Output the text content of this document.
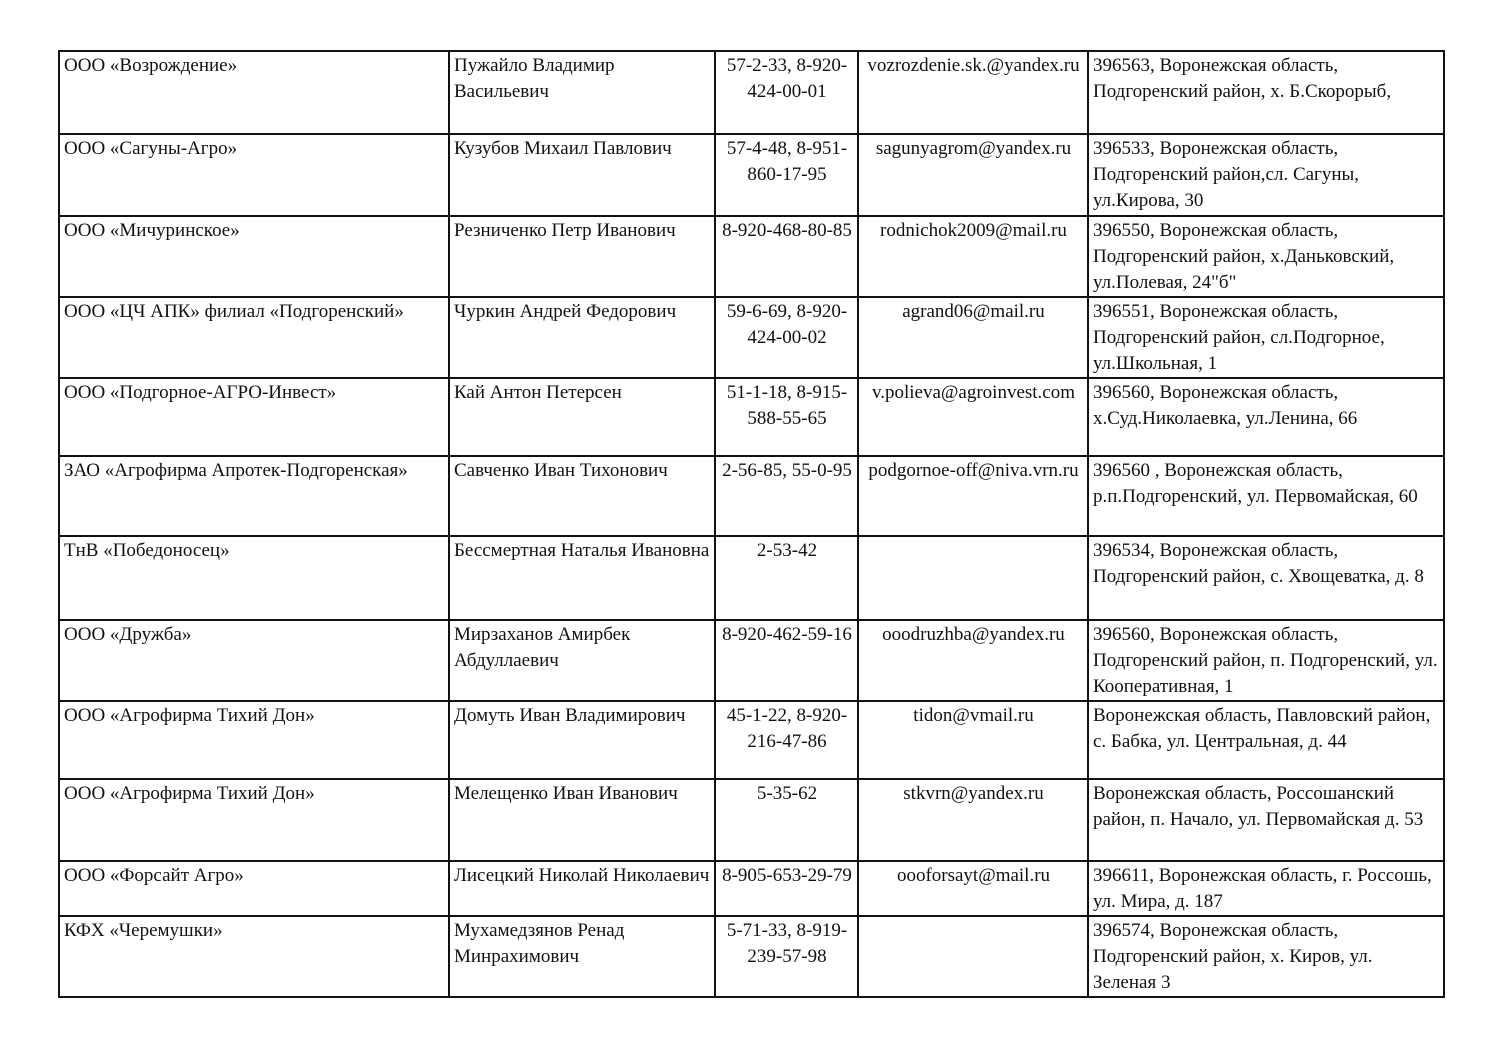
ООО «Возрождение»	Пужайло Владимир Васильевич	57-2-33, 8-920-424-00-01	vozrozdenie.sk.@yandex.ru	396563, Воронежская область, Подгоренский район, х. Б.Скорорыб,
ООО «Сагуны-Агро»	Кузубов Михаил Павлович	57-4-48, 8-951-860-17-95	sagunyagrom@yandex.ru	396533, Воронежская область, Подгоренский район,сл. Сагуны, ул.Кирова, 30
ООО «Мичуринское»	Резниченко Петр Иванович	8-920-468-80-85	rodnichok2009@mail.ru	396550, Воронежская область, Подгоренский район, х.Даньковский, ул.Полевая, 24"б"
ООО «ЦЧ АПК» филиал «Подгоренский»	Чуркин Андрей Федорович	59-6-69, 8-920-424-00-02	agrand06@mail.ru	396551, Воронежская область, Подгоренский район, сл.Подгорное, ул.Школьная, 1
ООО «Подгорное-АГРО-Инвест»	Кай Антон Петерсен	51-1-18, 8-915-588-55-65	v.polieva@agroinvest.com	396560, Воронежская область, х.Суд.Николаевка, ул.Ленина, 66
ЗАО «Агрофирма Апротек-Подгоренская»	Савченко Иван Тихонович	2-56-85, 55-0-95	podgornoe-off@niva.vrn.ru	396560 , Воронежская область, р.п.Подгоренский, ул. Первомайская, 60
ТнВ «Победоносец»	Бессмертная Наталья Ивановна	2-53-42		396534, Воронежская область, Подгоренский район, с. Хвощеватка, д. 8
ООО «Дружба»	Мирзаханов Амирбек Абдуллаевич	8-920-462-59-16	ooodruzhba@yandex.ru	396560, Воронежская область, Подгоренский район, п. Подгоренский, ул. Кооперативная, 1
ООО «Агрофирма Тихий Дон»	Домуть Иван Владимирович	45-1-22, 8-920-216-47-86	tidon@vmail.ru	Воронежская область, Павловский район, с. Бабка, ул. Центральная, д. 44
ООО «Агрофирма Тихий Дон»	Мелещенко Иван Иванович	5-35-62	stkvrn@yandex.ru	Воронежская область, Россошанский район, п. Начало, ул. Первомайская д. 53
ООО «Форсайт Агро»	Лисецкий Николай Николаевич	8-905-653-29-79	oooforsayt@mail.ru	396611, Воронежская область, г. Россошь, ул. Мира, д. 187
КФХ «Черемушки»	Мухамедзянов Ренад Минрахимович	5-71-33, 8-919-239-57-98		396574, Воронежская область, Подгоренский район, х. Киров, ул. Зеленая 3
